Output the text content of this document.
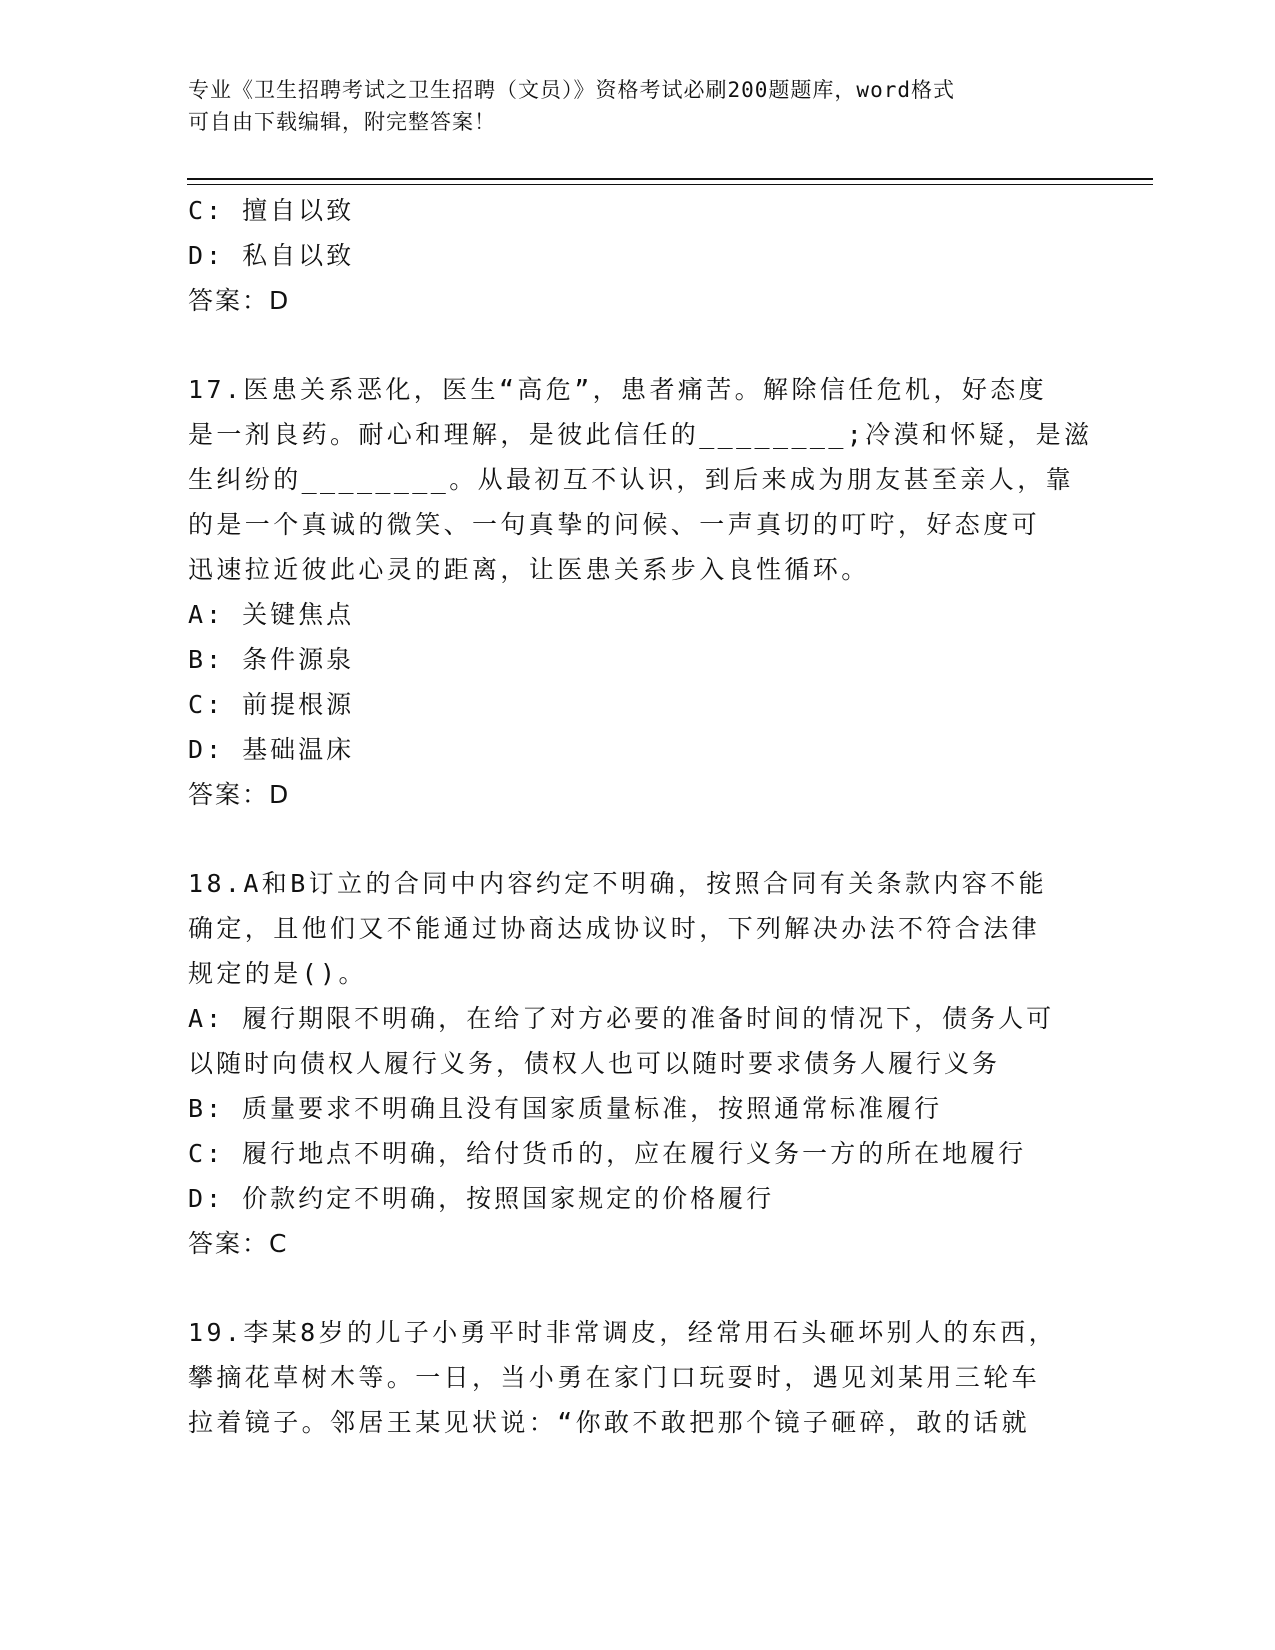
专业《卫生招聘考试之卫生招聘（文员）》资格考试必刷200题题库，word格式
可自由下载编辑，附完整答案！
C: 擅自以致
D: 私自以致
答案：D
17.医患关系恶化，医生“高危”，患者痛苦。解除信任危机，好态度
是一剂良药。耐心和理解，是彼此信任的________;冷漠和怀疑，是滋
生纠纷的________。从最初互不认识，到后来成为朋友甚至亲人，靠
的是一个真诚的微笑、一句真挚的问候、一声真切的叮咛，好态度可
迅速拉近彼此心灵的距离，让医患关系步入良性循环。
A: 关键焦点
B: 条件源泉
C: 前提根源
D: 基础温床
答案：D
18.A和B订立的合同中内容约定不明确，按照合同有关条款内容不能
确定，且他们又不能通过协商达成协议时，下列解决办法不符合法律
规定的是()。
A: 履行期限不明确，在给了对方必要的准备时间的情况下，债务人可
以随时向债权人履行义务，债权人也可以随时要求债务人履行义务
B: 质量要求不明确且没有国家质量标准，按照通常标准履行
C: 履行地点不明确，给付货币的，应在履行义务一方的所在地履行
D: 价款约定不明确，按照国家规定的价格履行
答案：C
19.李某8岁的儿子小勇平时非常调皮，经常用石头砸坏别人的东西，
攀摘花草树木等。一日，当小勇在家门口玩耍时，遇见刘某用三轮车
拉着镜子。邻居王某见状说：“你敢不敢把那个镜子砸碎，敢的话就
